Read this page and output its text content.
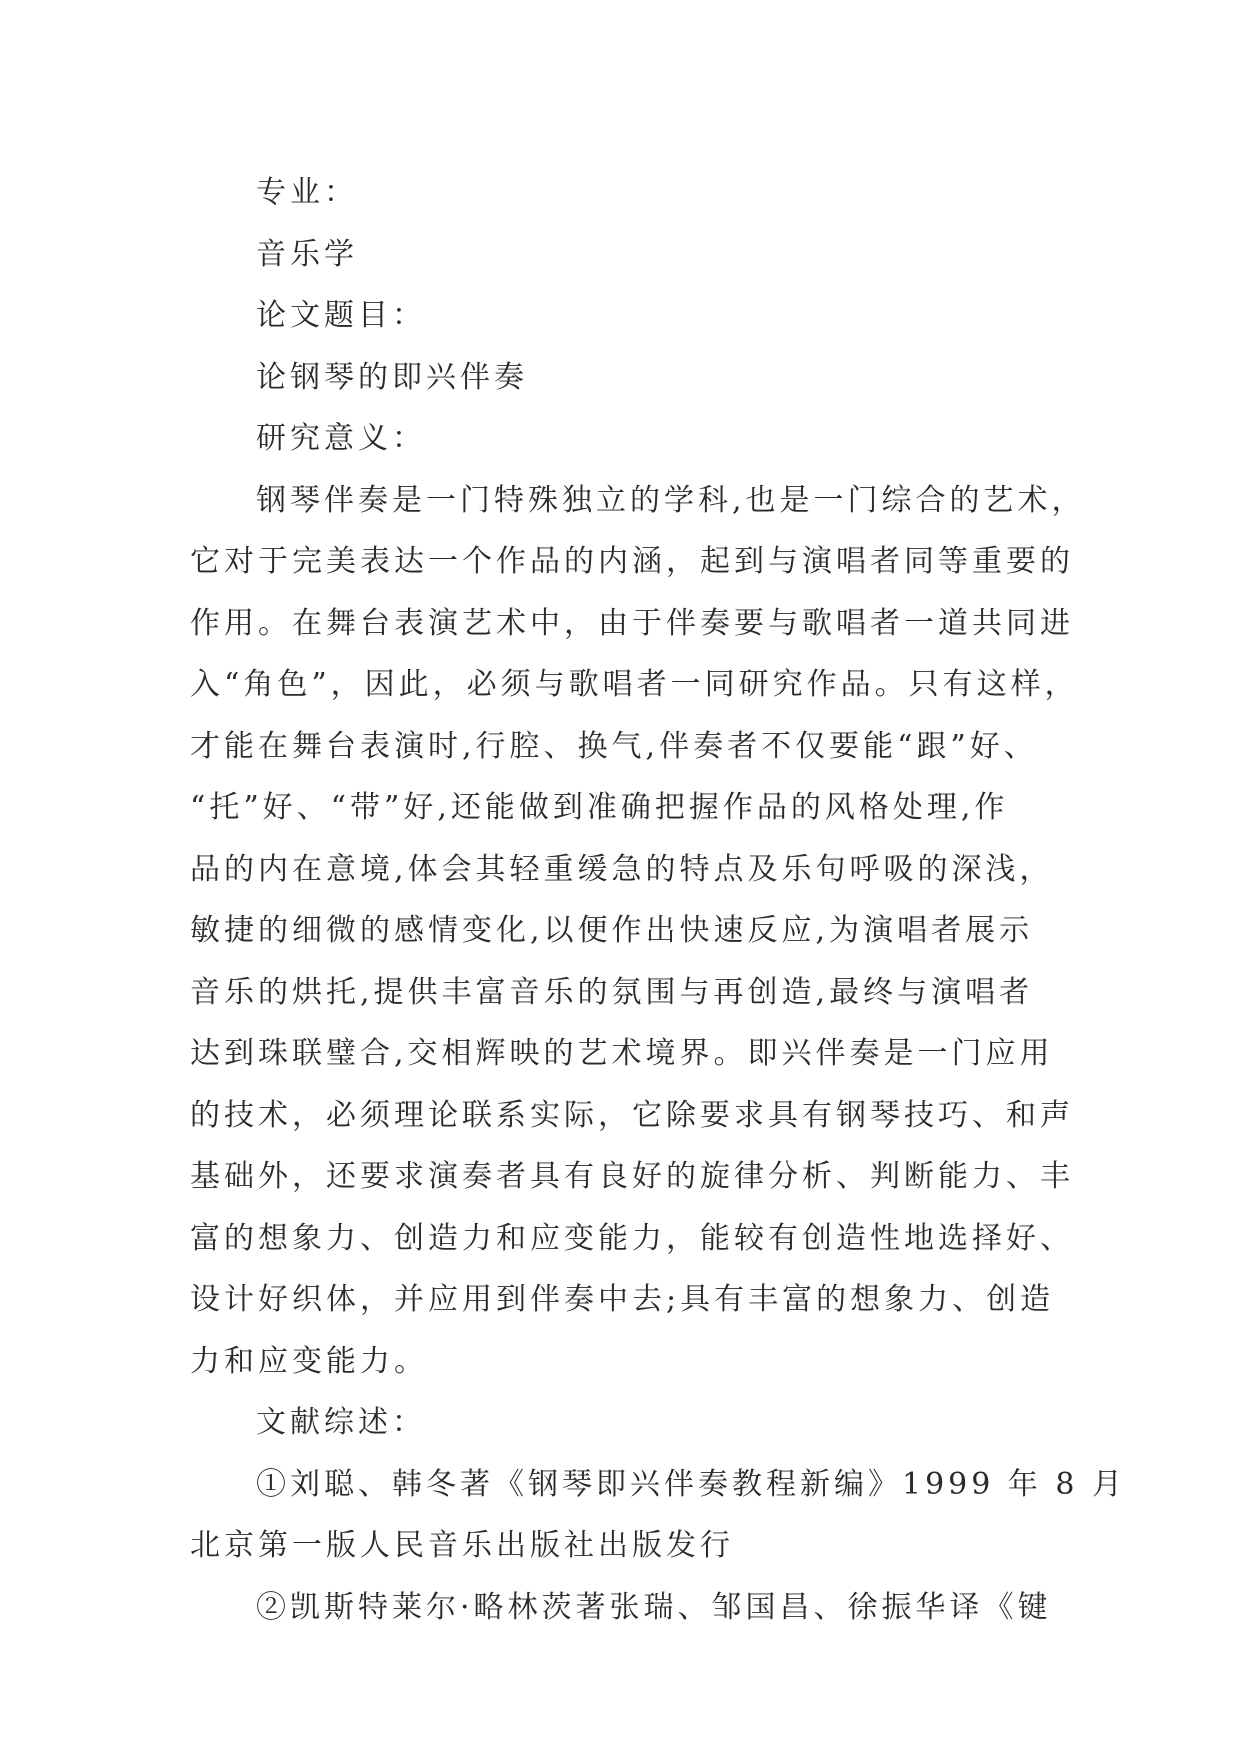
专业：
音乐学
论文题目：
论钢琴的即兴伴奏
研究意义：
钢琴伴奏是一门特殊独立的学科,也是一门综合的艺术，
它对于完美表达一个作品的内涵，起到与演唱者同等重要的
作用。在舞台表演艺术中，由于伴奏要与歌唱者一道共同进
入“角色”，因此，必须与歌唱者一同研究作品。只有这样，
才能在舞台表演时,行腔、换气,伴奏者不仅要能“跟”好、
“托”好、“带”好,还能做到准确把握作品的风格处理,作
品的内在意境,体会其轻重缓急的特点及乐句呼吸的深浅，
敏捷的细微的感情变化,以便作出快速反应,为演唱者展示
音乐的烘托,提供丰富音乐的氛围与再创造,最终与演唱者
达到珠联璧合,交相辉映的艺术境界。即兴伴奏是一门应用
的技术，必须理论联系实际，它除要求具有钢琴技巧、和声
基础外，还要求演奏者具有良好的旋律分析、判断能力、丰
富的想象力、创造力和应变能力，能较有创造性地选择好、
设计好织体，并应用到伴奏中去;具有丰富的想象力、创造
力和应变能力。
文献综述：
①刘聪、韩冬著《钢琴即兴伴奏教程新编》1999 年 8 月
北京第一版人民音乐出版社出版发行
②凯斯特莱尔·略林茨著张瑞、邹国昌、徐振华译《键
